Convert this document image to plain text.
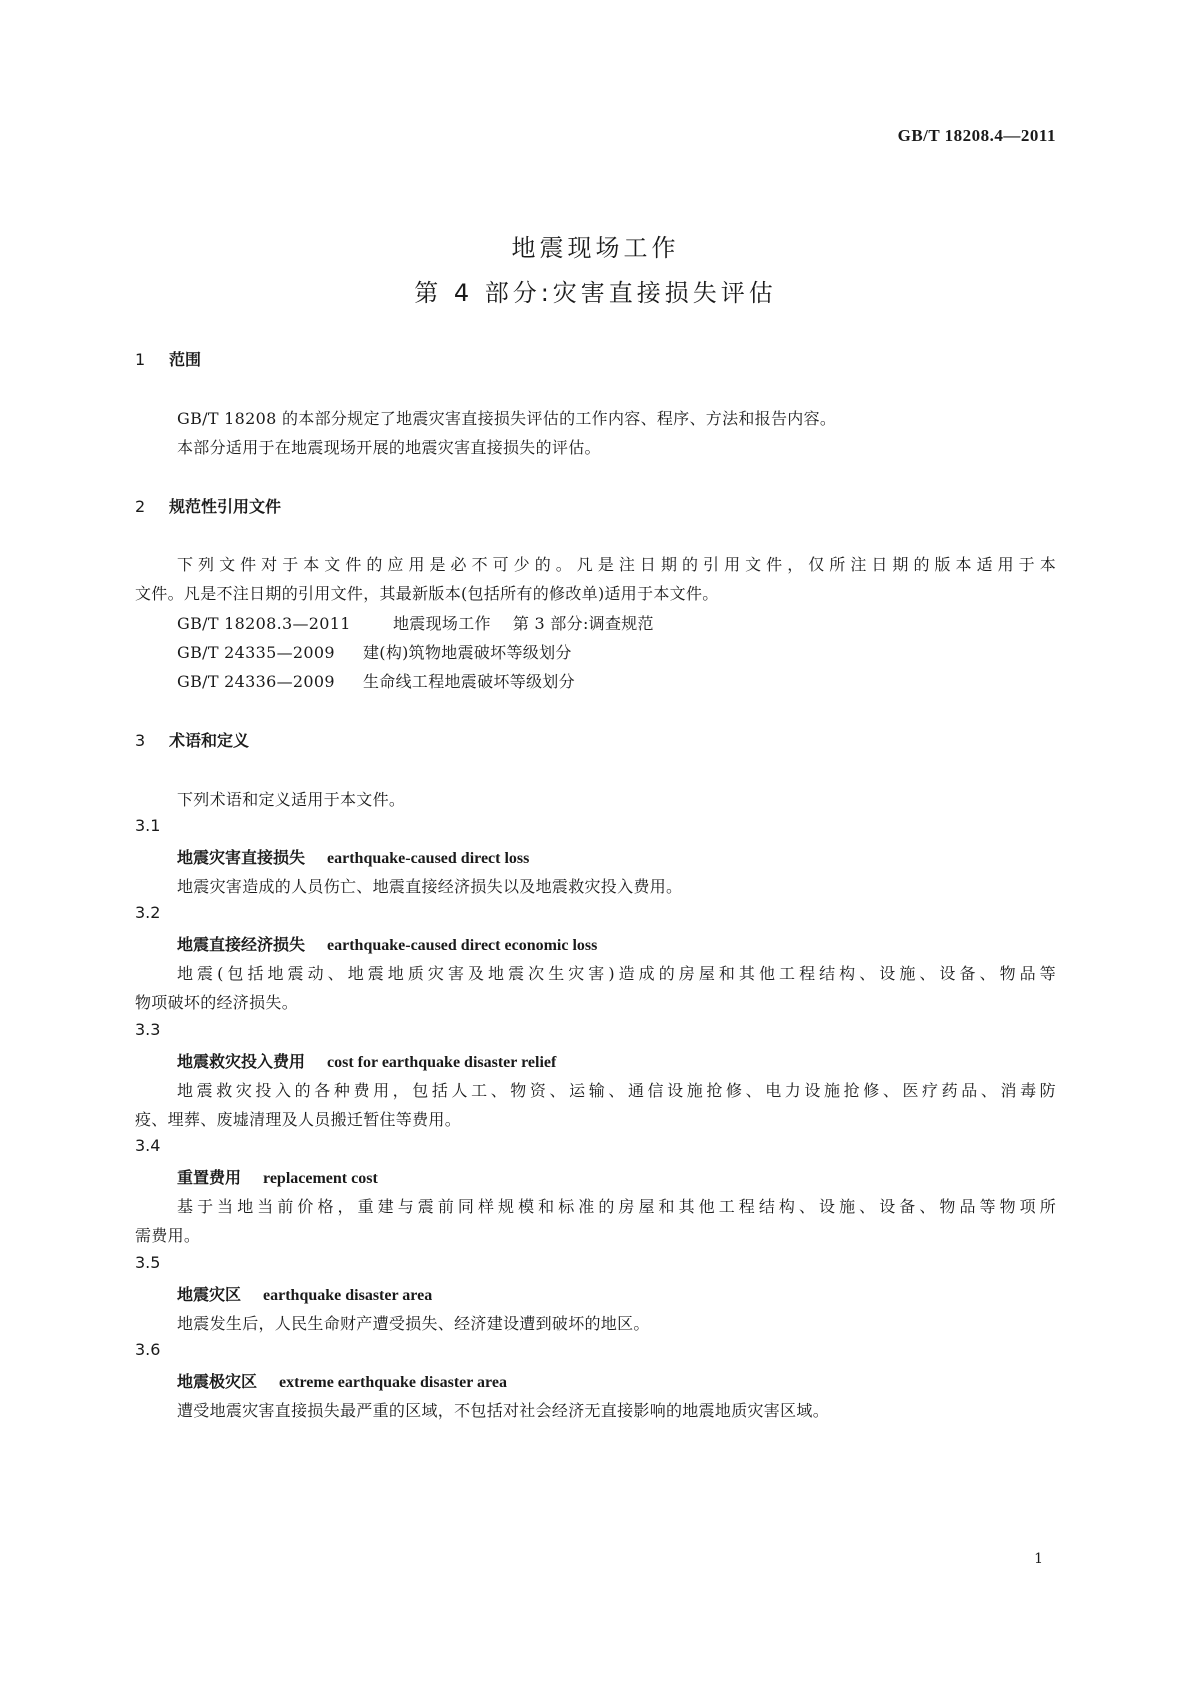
GB/T 18208.4—2011
地震现场工作
第 4 部分:灾害直接损失评估
1 范围
GB/T 18208 的本部分规定了地震灾害直接损失评估的工作内容、程序、方法和报告内容。
本部分适用于在地震现场开展的地震灾害直接损失的评估。
2 规范性引用文件
下列文件对于本文件的应用是必不可少的。凡是注日期的引用文件，仅所注日期的版本适用于本
文件。凡是不注日期的引用文件，其最新版本(包括所有的修改单)适用于本文件。
GB/T 18208.3—2011	地震现场工作 第 3 部分:调查规范
GB/T 24335—2009 建(构)筑物地震破坏等级划分
GB/T 24336—2009 生命线工程地震破坏等级划分
3 术语和定义
下列术语和定义适用于本文件。
3.1
地震灾害直接损失 earthquake-caused direct loss
地震灾害造成的人员伤亡、地震直接经济损失以及地震救灾投入费用。
3.2
地震直接经济损失 earthquake-caused direct economic loss
地震(包括地震动、地震地质灾害及地震次生灾害)造成的房屋和其他工程结构、设施、设备、物品等
物项破坏的经济损失。
3.3
地震救灾投入费用 cost for earthquake disaster relief
地震救灾投入的各种费用，包括人工、物资、运输、通信设施抢修、电力设施抢修、医疗药品、消毒防
疫、埋葬、废墟清理及人员搬迁暂住等费用。
3.4
重置费用 replacement cost
基于当地当前价格，重建与震前同样规模和标准的房屋和其他工程结构、设施、设备、物品等物项所
需费用。
3.5
地震灾区 earthquake disaster area
地震发生后，人民生命财产遭受损失、经济建设遭到破坏的地区。
3.6
地震极灾区 extreme earthquake disaster area
遭受地震灾害直接损失最严重的区域，不包括对社会经济无直接影响的地震地质灾害区域。
1
